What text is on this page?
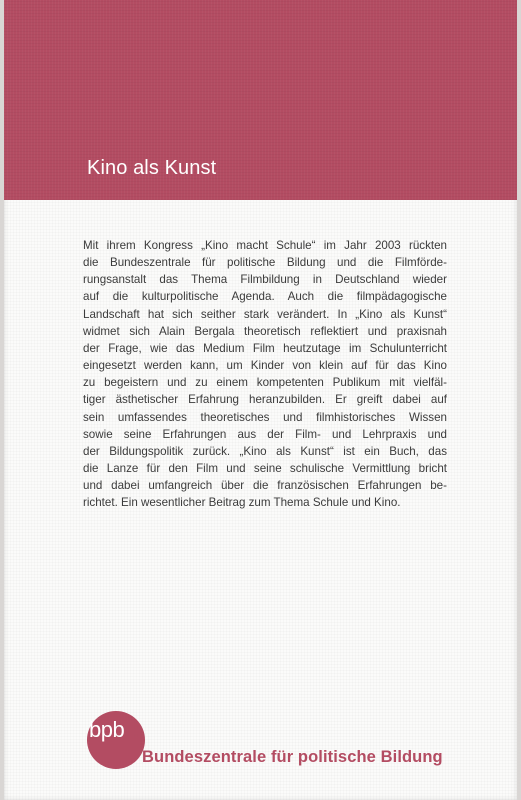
Kino als Kunst
Mit ihrem Kongress „Kino macht Schule“ im Jahr 2003 rückten
die Bundeszentrale für politische Bildung und die Filmförde-
rungsanstalt das Thema Filmbildung in Deutschland wieder
auf die kulturpolitische Agenda. Auch die filmpädagogische
Landschaft hat sich seither stark verändert. In „Kino als Kunst“
widmet sich Alain Bergala theoretisch reflektiert und praxisnah
der Frage, wie das Medium Film heutzutage im Schulunterricht
eingesetzt werden kann, um Kinder von klein auf für das Kino
zu begeistern und zu einem kompetenten Publikum mit vielfäl-
tiger ästhetischer Erfahrung heranzubilden. Er greift dabei auf
sein umfassendes theoretisches und filmhistorisches Wissen
sowie seine Erfahrungen aus der Film- und Lehrpraxis und
der Bildungspolitik zurück. „Kino als Kunst“ ist ein Buch, das
die Lanze für den Film und seine schulische Vermittlung bricht
und dabei umfangreich über die französischen Erfahrungen be-
richtet. Ein wesentlicher Beitrag zum Thema Schule und Kino.
bpb :
Bundeszentrale für politische Bildung
